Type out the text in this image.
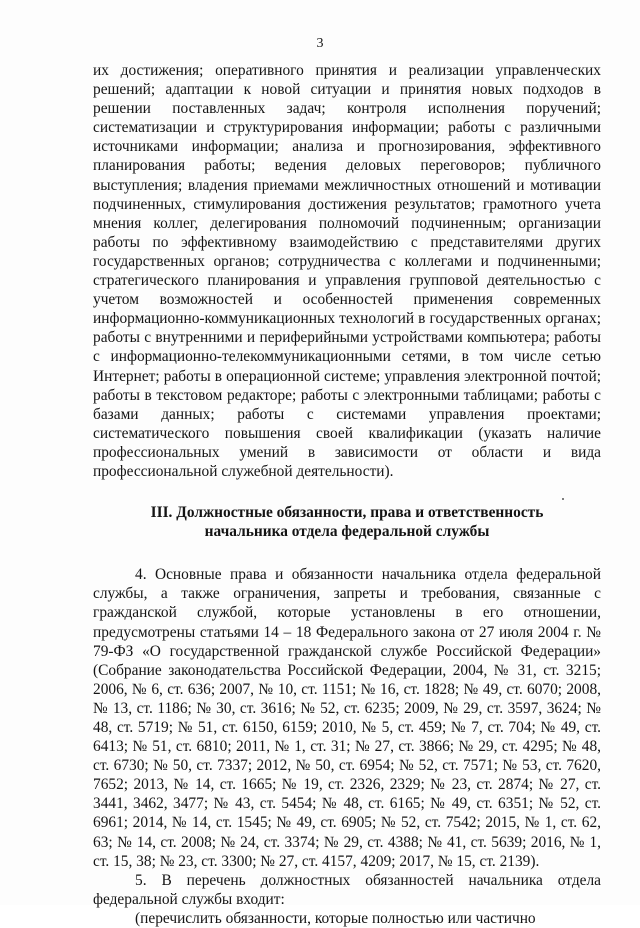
3

их достижения; оперативного принятия и реализации управленческих решений; адаптации к новой ситуации и принятия новых подходов в решении поставленных задач; контроля исполнения поручений; систематизации и структурирования информации; работы с различными источниками информации; анализа и прогнозирования, эффективного планирования работы; ведения деловых переговоров; публичного выступления; владения приемами межличностных отношений и мотивации подчиненных, стимулирования достижения результатов; грамотного учета мнения коллег, делегирования полномочий подчиненным; организации работы по эффективному взаимодействию с представителями других государственных органов; сотрудничества с коллегами и подчиненными; стратегического планирования и управления групповой деятельностью с учетом возможностей и особенностей применения современных информационно-коммуникационных технологий в государственных органах; работы с внутренними и периферийными устройствами компьютера; работы с информационно-телекоммуникационными сетями, в том числе сетью Интернет; работы в операционной системе; управления электронной почтой; работы в текстовом редакторе; работы с электронными таблицами; работы с базами данных; работы с системами управления проектами; систематического повышения своей квалификации (указать наличие профессиональных умений в зависимости от области и вида профессиональной служебной деятельности).

III. Должностные обязанности, права и ответственность
начальника отдела федеральной службы

4. Основные права и обязанности начальника отдела федеральной службы, а также ограничения, запреты и требования, связанные с гражданской службой, которые установлены в его отношении, предусмотрены статьями 14 – 18 Федерального закона от 27 июля 2004 г. № 79-ФЗ «О государственной гражданской службе Российской Федерации» (Собрание законодательства Российской Федерации, 2004, № 31, ст. 3215; 2006, № 6, ст. 636; 2007, № 10, ст. 1151; № 16, ст. 1828; № 49, ст. 6070; 2008, № 13, ст. 1186; № 30, ст. 3616; № 52, ст. 6235; 2009, № 29, ст. 3597, 3624; № 48, ст. 5719; № 51, ст. 6150, 6159; 2010, № 5, ст. 459; № 7, ст. 704; № 49, ст. 6413; № 51, ст. 6810; 2011, № 1, ст. 31; № 27, ст. 3866; № 29, ст. 4295; № 48, ст. 6730; № 50, ст. 7337; 2012, № 50, ст. 6954; № 52, ст. 7571; № 53, ст. 7620, 7652; 2013, № 14, ст. 1665; № 19, ст. 2326, 2329; № 23, ст. 2874; № 27, ст. 3441, 3462, 3477; № 43, ст. 5454; № 48, ст. 6165; № 49, ст. 6351; № 52, ст. 6961; 2014, № 14, ст. 1545; № 49, ст. 6905; № 52, ст. 7542; 2015, № 1, ст. 62, 63; № 14, ст. 2008; № 24, ст. 3374; № 29, ст. 4388; № 41, ст. 5639; 2016, № 1, ст. 15, 38; № 23, ст. 3300; № 27, ст. 4157, 4209; 2017, № 15, ст. 2139).

5. В перечень должностных обязанностей начальника отдела федеральной службы входит:

(перечислить обязанности, которые полностью или частично
